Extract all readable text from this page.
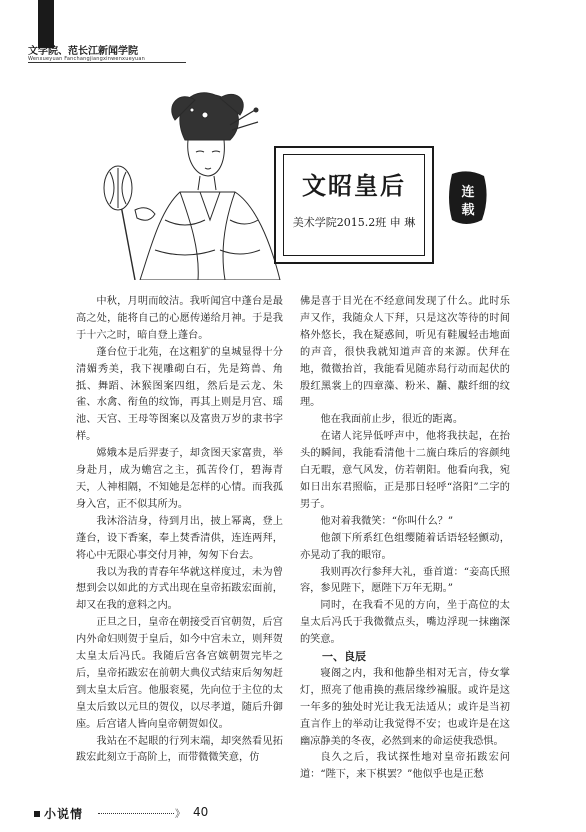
文学院、范长江新闻学院
Wenxueyuan Fanchangjiangxinwenxueyuan
文昭皇后
美术学院2015.2班 申 琳
连
载

中秋，月明而皎洁。我听闻宫中蓬台是最高之处，能将自己的心愿传递给月神。于是我于十六之时，暗自登上蓬台。

蓬台位于北苑，在这粗犷的皇城显得十分清媚秀美，我下视雕砌白石，先是筠兽、角抵、舞蹈、沐猴图案四组，然后是云龙、朱雀、水禽、衔鱼的纹饰，再其上则是月宫、瑶池、天宫、王母等图案以及富贵万岁的隶书字样。

嫦娥本是后羿妻子，却贪图天家富贵，举身赴月，成为蟾宫之主，孤苦伶仃，碧海青天，人神相隔，不知她是怎样的心情。而我孤身入宫，正不似其所为。

我沐浴洁身，待到月出，披上幂离，登上蓬台，设下香案，奉上焚香清供，连连两拜，将心中无限心事交付月神，匆匆下台去。

我以为我的青春年华就这样度过，未为曾想到会以如此的方式出现在皇帝拓跋宏面前，却又在我的意料之内。

正旦之日，皇帝在朝接受百官朝贺，后宫内外命妇则贺于皇后，如今中宫未立，则拜贺太皇太后冯氏。我随后宫各宫嫔朝贺完毕之后，皇帝拓跋宏在前朝大典仪式结束后匆匆赶到太皇太后宫。他服衮冕，先向位于主位的太皇太后致以元旦的贺仪，以尽孝道，随后升御座。后宫诸人皆向皇帝朝贺如仪。

我站在不起眼的行列末端，却突然看见拓跋宏此刻立于高阶上，而带微微笑意，仿

佛是喜于目光在不经意间发现了什么。此时乐声又作，我随众人下拜，只是这次等待的时间格外悠长，我在疑惑间，听见有鞋履轻击地面的声音，很快我就知道声音的来源。伏拜在地，微微抬首，我能看见随赤舄行动而起伏的殷红黑裳上的四章藻、粉米、黼、黻纤细的纹理。

他在我面前止步，很近的距离。

在诸人诧异低呼声中，他将我扶起，在抬头的瞬间，我能看清他十二旒白珠后的容颜纯白无暇，意气风发，仿若朝阳。他看向我，宛如日出东君照临，正是那日轻呼“洛阳”二字的男子。

他对着我微笑：“你叫什么？”

他颌下所系红色组缨随着话语轻轻颤动，亦晃动了我的眼帘。

我则再次行参拜大礼，垂首道：“妾高氏照容，参见陛下，愿陛下万年无期。”

同时，在我看不见的方向，坐于高位的太皇太后冯氏于我微微点头，嘴边浮现一抹幽深的笑意。

一、良辰

寝阁之内，我和他静坐相对无言，侍女掌灯，照亮了他甫换的燕居缘纱褊服。或许是这一年多的独处时光让我无法适从；或许是当初直言作上的举动让我觉得不安；也或许是在这幽凉静美的冬夜，必然到来的命运使我恐惧。

良久之后，我试探性地对皇帝拓跋宏问道：“陛下，来下棋罢？”他似乎也是正愁

小说情	》 40
